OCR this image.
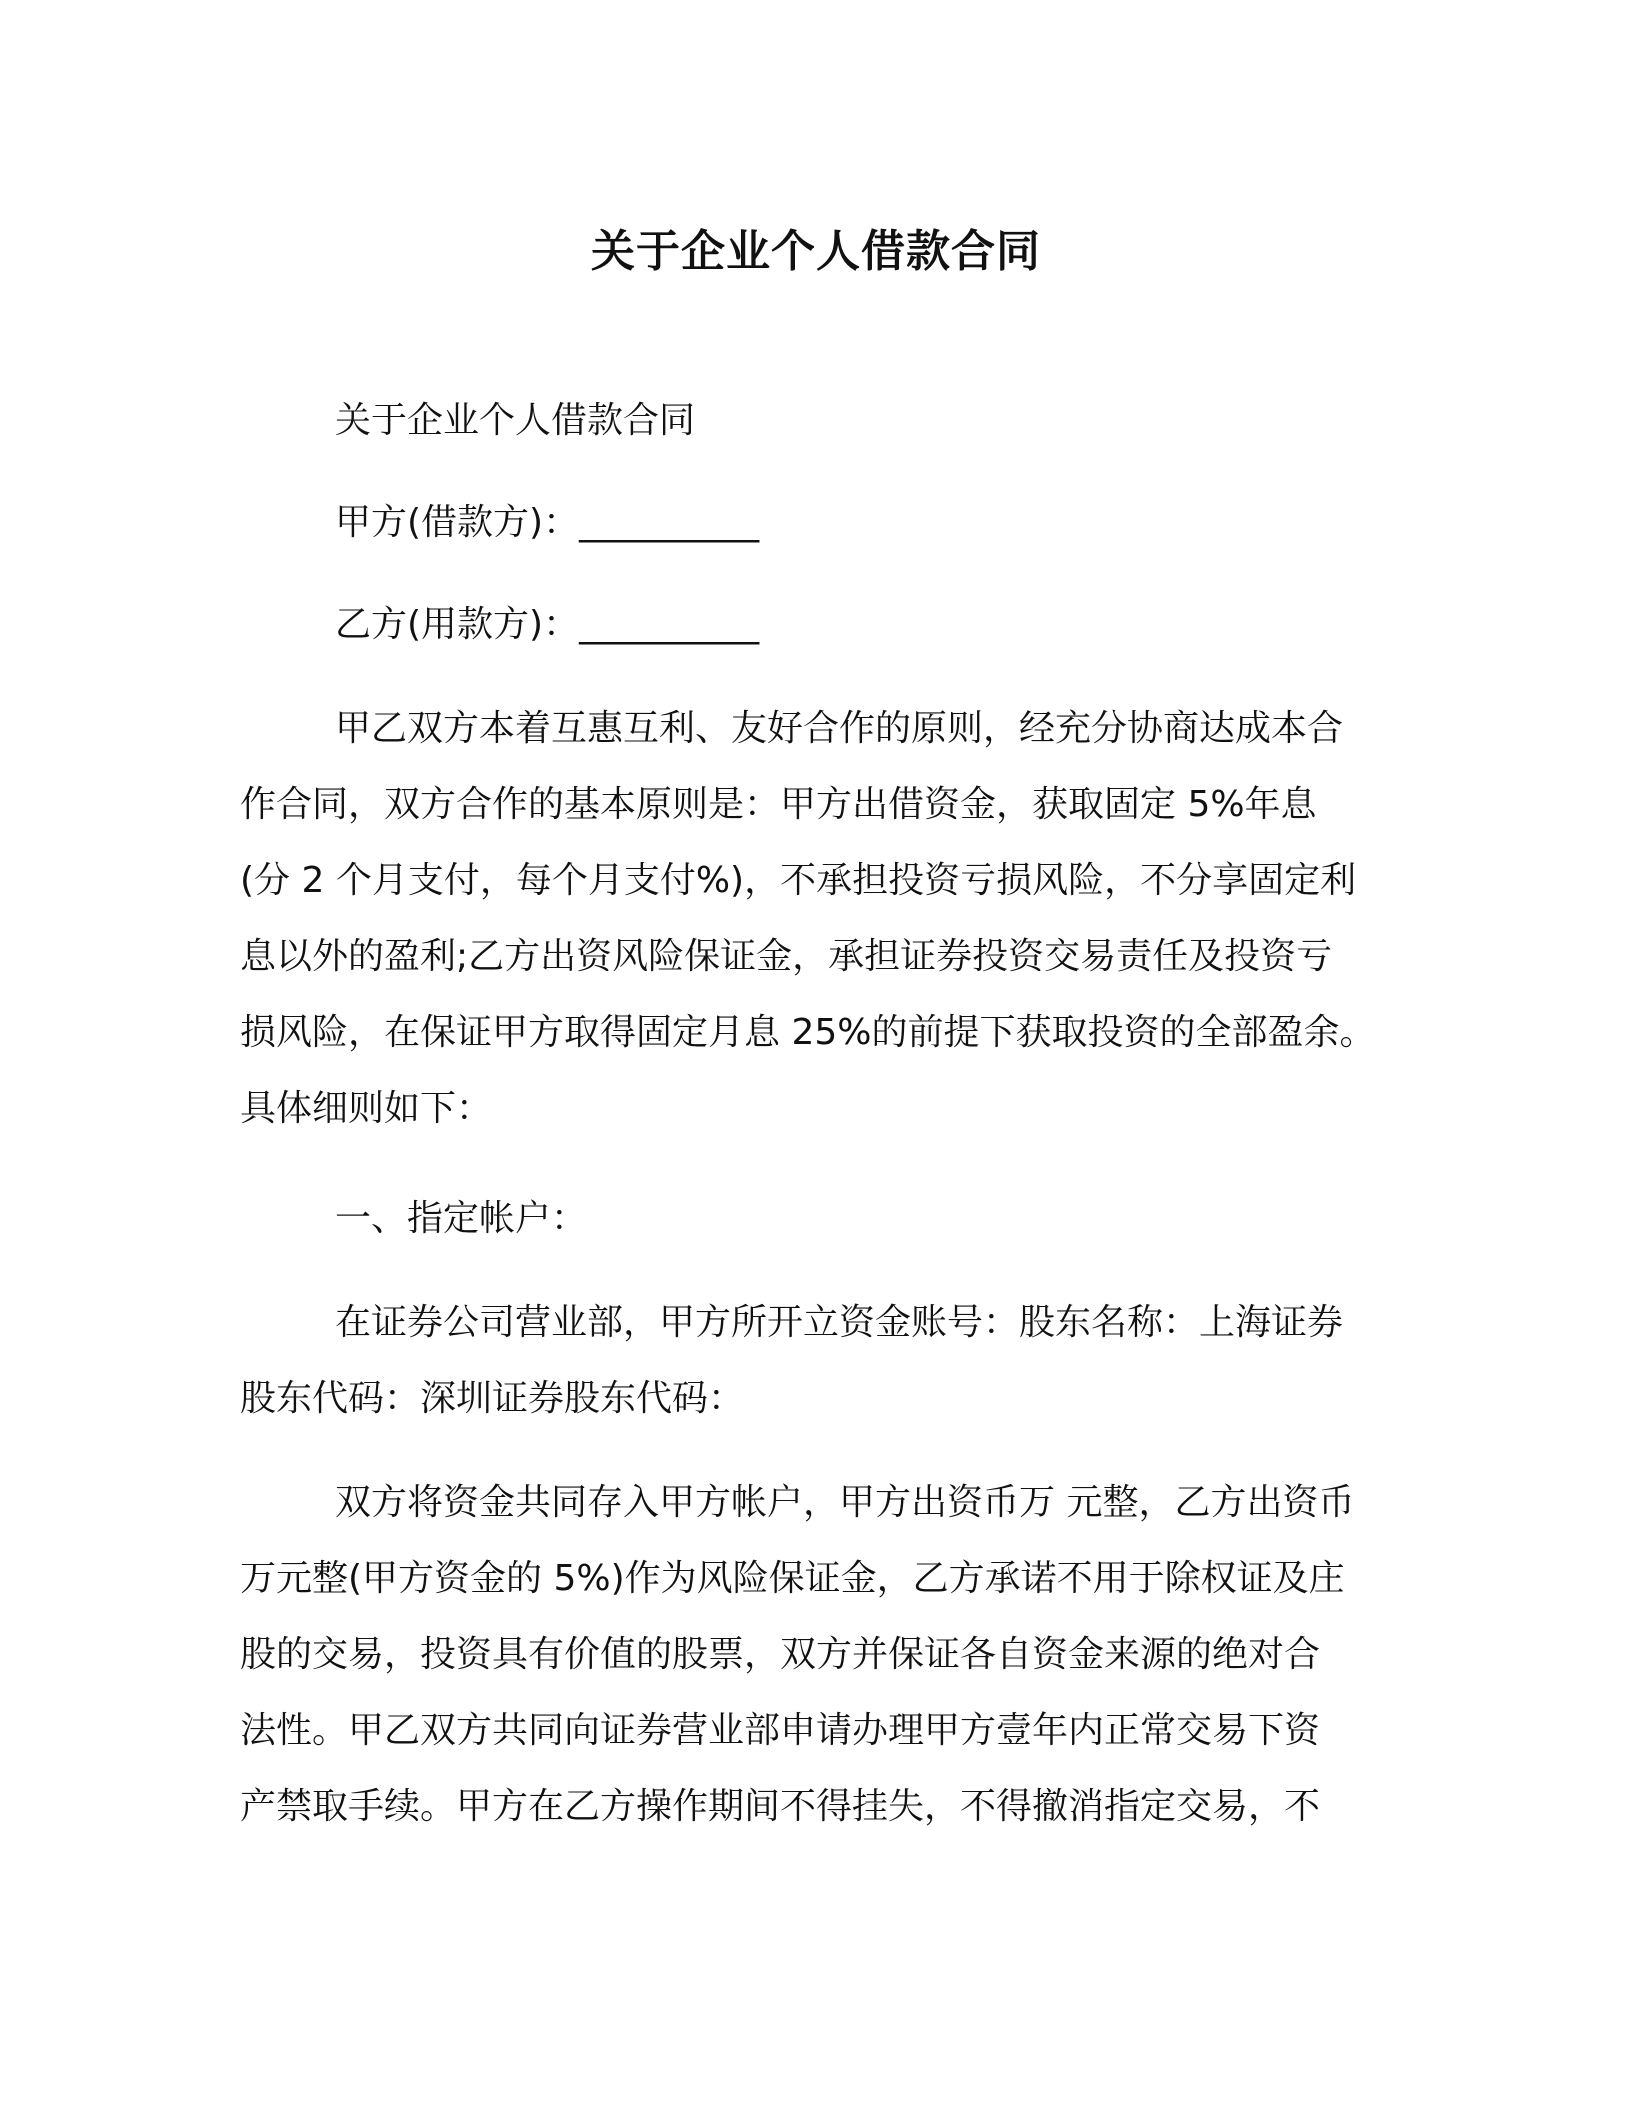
关于企业个人借款合同
关于企业个人借款合同
甲方(借款方)：__________
乙方(用款方)：__________
甲乙双方本着互惠互利、友好合作的原则，经充分协商达成本合
作合同，双方合作的基本原则是：甲方出借资金，获取固定 5%年息
(分 2 个月支付，每个月支付%)，不承担投资亏损风险，不分享固定利
息以外的盈利;乙方出资风险保证金，承担证券投资交易责任及投资亏
损风险，在保证甲方取得固定月息 25%的前提下获取投资的全部盈余。
具体细则如下：
一、指定帐户：
在证券公司营业部，甲方所开立资金账号：股东名称：上海证券
股东代码：深圳证券股东代码：
双方将资金共同存入甲方帐户，甲方出资币万 元整，乙方出资币
万元整(甲方资金的 5%)作为风险保证金，乙方承诺不用于除权证及庄
股的交易，投资具有价值的股票，双方并保证各自资金来源的绝对合
法性。甲乙双方共同向证券营业部申请办理甲方壹年内正常交易下资
产禁取手续。甲方在乙方操作期间不得挂失，不得撤消指定交易，不
